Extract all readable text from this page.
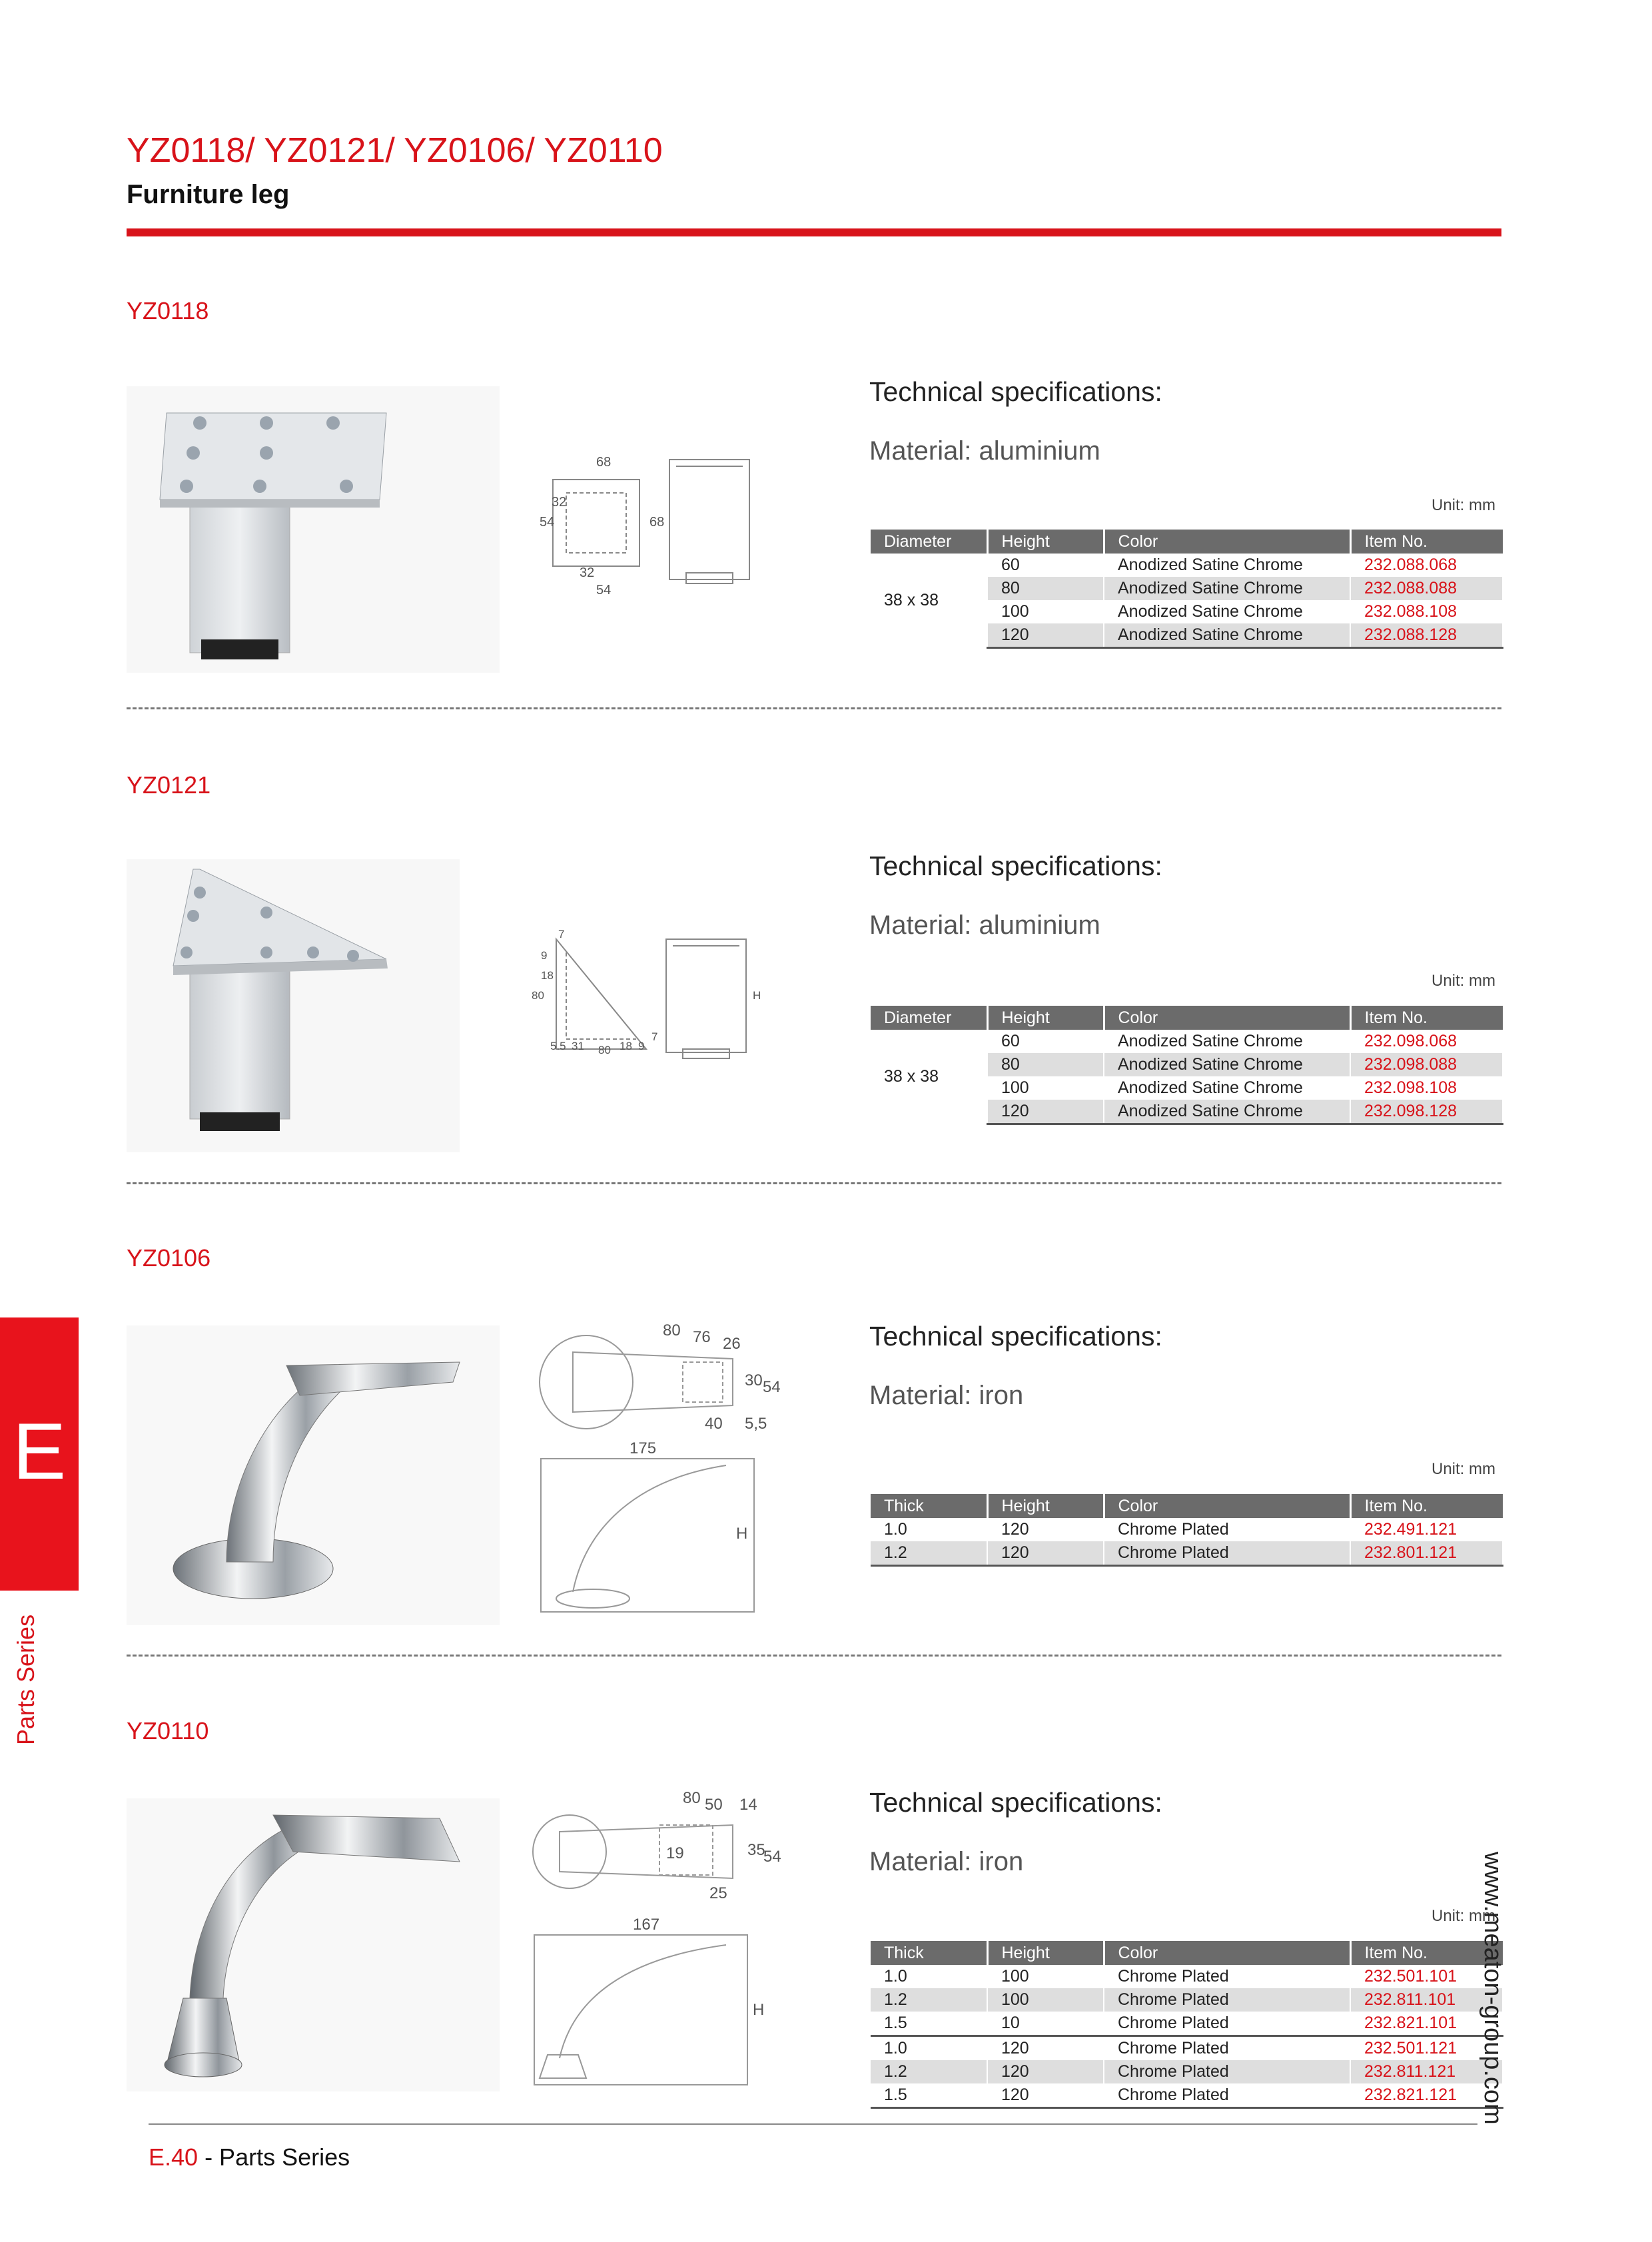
YZ0118/ YZ0121/ YZ0106/ YZ0110
Furniture leg
YZ0118
68
54
32
32
54
68
Technical specifications:
Material: aluminium
Unit: mm
Diameter	Height	Color	Item No.
38 x 38	60	Anodized Satine Chrome	232.088.068
	80	Anodized Satine Chrome	232.088.088
	100	Anodized Satine Chrome	232.088.108
	120	Anodized Satine Chrome	232.088.128
YZ0121
7
9
18
80
5.5 31 80 18 9
7
H
Technical specifications:
Material: aluminium
Unit: mm
Diameter	Height	Color	Item No.
38 x 38	60	Anodized Satine Chrome	232.098.068
	80	Anodized Satine Chrome	232.098.088
	100	Anodized Satine Chrome	232.098.108
	120	Anodized Satine Chrome	232.098.128
YZ0106
80 76 26
30 54
40 5,5
175
H
Technical specifications:
Material: iron
Unit: mm
Thick	Height	Color	Item No.
1.0	120	Chrome Plated	232.491.121
1.2	120	Chrome Plated	232.801.121
YZ0110
80 50 14
19	35
54
25
167
H
Technical specifications:
Material: iron
Unit: mm
Thick	Height	Color	Item No.
1.0	100	Chrome Plated	232.501.101
1.2	100	Chrome Plated	232.811.101
1.5	10	Chrome Plated	232.821.101
1.0	120	Chrome Plated	232.501.121
1.2	120	Chrome Plated	232.811.121
1.5	120	Chrome Plated	232.821.121
E
Parts Series
www.meaton-group.com
E.40 - Parts Series
